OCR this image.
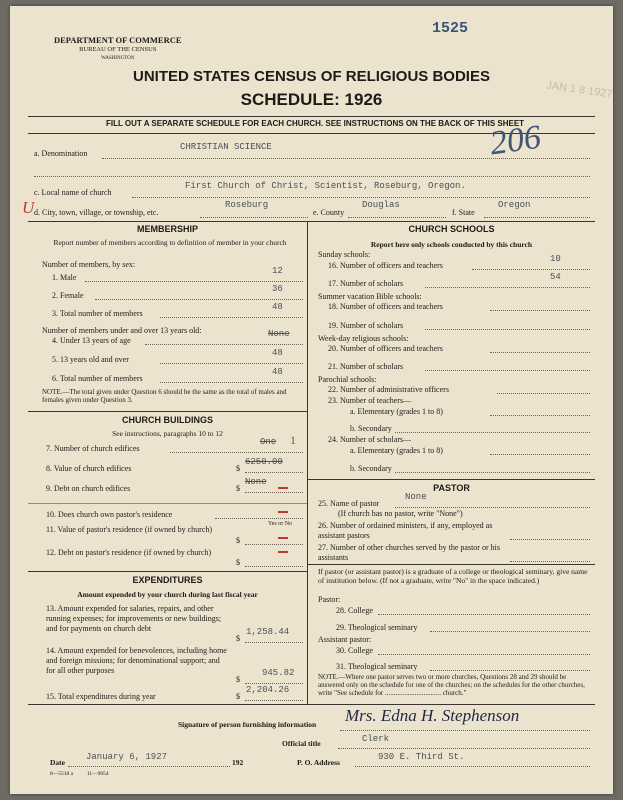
DEPARTMENT OF COMMERCE
BUREAU OF THE CENSUS
WASHINGTON
1525
JAN 1 8 1927
UNITED STATES CENSUS OF RELIGIOUS BODIES
SCHEDULE: 1926
FILL OUT A SEPARATE SCHEDULE FOR EACH CHURCH. SEE INSTRUCTIONS ON THE BACK OF THIS SHEET
206
a. Denomination
CHRISTIAN SCIENCE
c. Local name of church
First Church of Christ, Scientist, Roseburg, Oregon.
U d. City, town, village, or township, etc.
Roseburg
e. County
Douglas
f. State
Oregon
MEMBERSHIP
Report number of members according to definition of member in your church
Number of members, by sex:
1. Male
12
2. Female
36
3. Total number of members
48
Number of members under and over 13 years old:
4. Under 13 years of age
None
5. 13 years old and over
48
6. Total number of members
48
NOTE.—The total given under Question 6 should be the same as the total of males and females given under Question 3.
CHURCH BUILDINGS
See instructions, paragraphs 10 to 12
7. Number of church edifices
One 1
8. Value of church edifices	$
6250.00
9. Debt on church edifices	$
None
10. Does church own pastor's residence
Yes or No
11. Value of pastor's residence (if owned by church)
$
12. Debt on pastor's residence (if owned by church)
$
EXPENDITURES
Amount expended by your church during last fiscal year
13. Amount expended for salaries, repairs, and other running expenses; for improvements or new buildings; and for payments on church debt
$
1,258.44
14. Amount expended for benevolences, including home and foreign missions; for denominational support; and for all other purposes
$
945.82
15. Total expenditures during year	$
2,204.26
CHURCH SCHOOLS
Report here only schools conducted by this church
Sunday schools:
16. Number of officers and teachers
10
17. Number of scholars
54
Summer vacation Bible schools:
18. Number of officers and teachers
19. Number of scholars
Week-day religious schools:
20. Number of officers and teachers
21. Number of scholars
Parochial schools:
22. Number of administrative officers
23. Number of teachers—
a. Elementary (grades 1 to 8)
b. Secondary
24. Number of scholars—
a. Elementary (grades 1 to 8)
b. Secondary
PASTOR
25. Name of pastor
None
(If church has no pastor, write "None")
26. Number of ordained ministers, if any, employed as assistant pastors
27. Number of other churches served by the pastor or his assistants
If pastor (or assistant pastor) is a graduate of a college or theological seminary, give name of institution below. (If not a graduate, write "No" in the space indicated.)
Pastor:
28. College
29. Theological seminary
Assistant pastor:
30. College
31. Theological seminary
NOTE.—Where one pastor serves two or more churches, Questions 28 and 29 should be answered only on the schedule for one of the churches; on the schedules for the other churches, write "See schedule for ................................ church."
Signature of person furnishing information Mrs. Edna H. Stephenson
Official title	Clerk
Date
January 6, 1927
192	P. O. Address
930 E. Third St.
8—5518 a          11—9054
